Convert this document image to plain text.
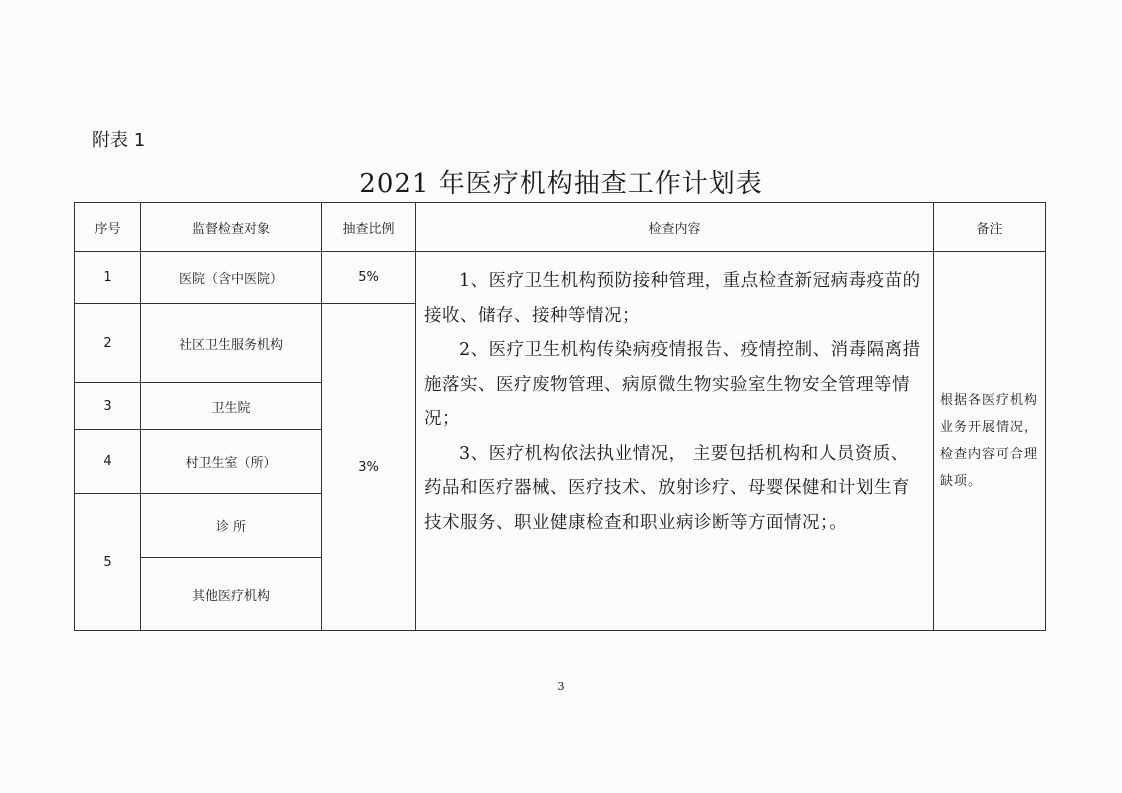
附表 1
2021 年医疗机构抽查工作计划表
序号	监督检查对象	抽查比例	检查内容	备注
1	医院（含中医院）	5%	1、医疗卫生机构预防接种管理，重点检查新冠病毒疫苗的接收、储存、接种等情况；

2、医疗卫生机构传染病疫情报告、疫情控制、消毒隔离措施落实、医疗废物管理、病原微生物实验室生物安全管理等情况；

3、医疗机构依法执业情况， 主要包括机构和人员资质、药品和医疗器械、医疗技术、放射诊疗、母婴保健和计划生育技术服务、职业健康检查和职业病诊断等方面情况；。	根据各医疗机构业务开展情况，检查内容可合理缺项。
2	社区卫生服务机构	3%		
3	卫生院			
4	村卫生室（所）			
5	诊 所			
	其他医疗机构			
3
